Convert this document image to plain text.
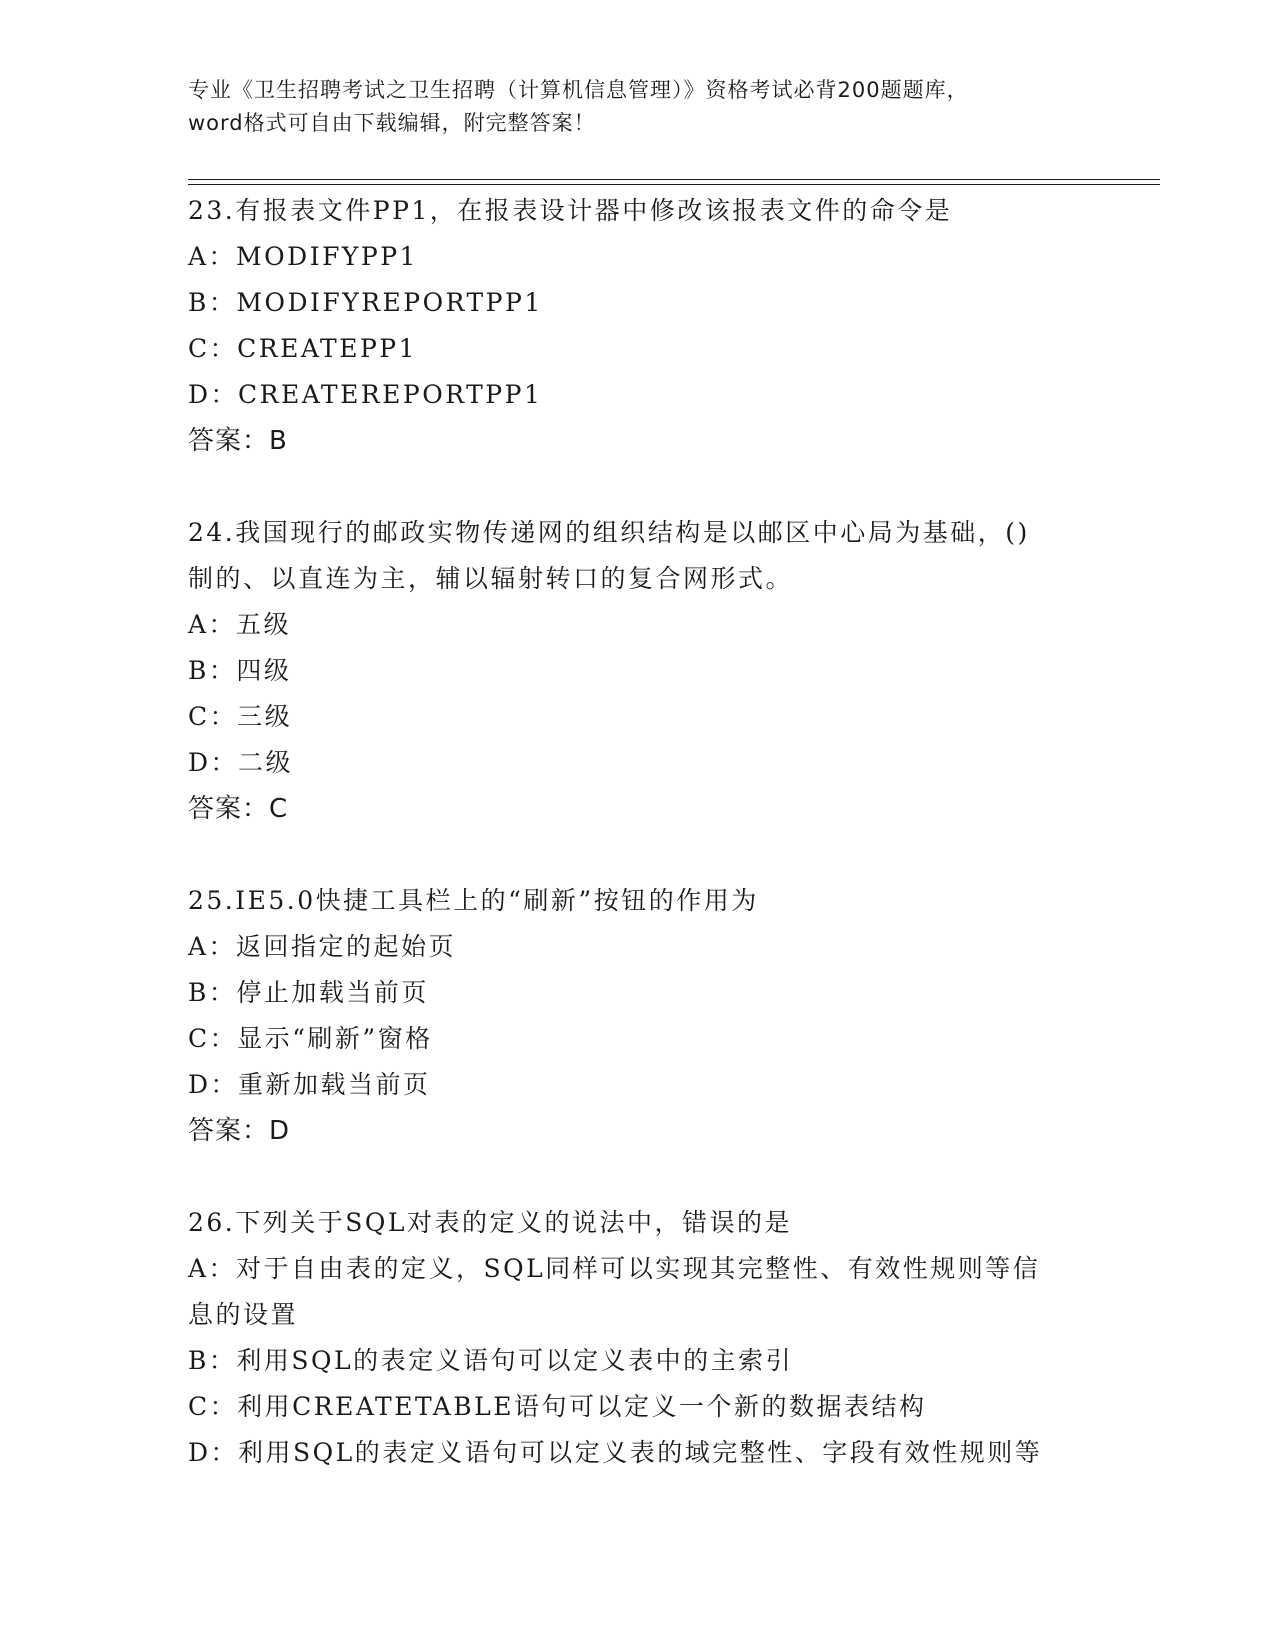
专业《卫生招聘考试之卫生招聘（计算机信息管理）》资格考试必背200题题库，
word格式可自由下载编辑，附完整答案！
23.有报表文件PP1，在报表设计器中修改该报表文件的命令是
A：MODIFYPP1
B：MODIFYREPORTPP1
C：CREATEPP1
D：CREATEREPORTPP1
答案：B
24.我国现行的邮政实物传递网的组织结构是以邮区中心局为基础，()
制的、以直连为主，辅以辐射转口的复合网形式。
A：五级
B：四级
C：三级
D：二级
答案：C
25.IE5.0快捷工具栏上的“刷新”按钮的作用为
A：返回指定的起始页
B：停止加载当前页
C：显示“刷新”窗格
D：重新加载当前页
答案：D
26.下列关于SQL对表的定义的说法中，错误的是
A：对于自由表的定义，SQL同样可以实现其完整性、有效性规则等信
息的设置
B：利用SQL的表定义语句可以定义表中的主索引
C：利用CREATETABLE语句可以定义一个新的数据表结构
D：利用SQL的表定义语句可以定义表的域完整性、字段有效性规则等
